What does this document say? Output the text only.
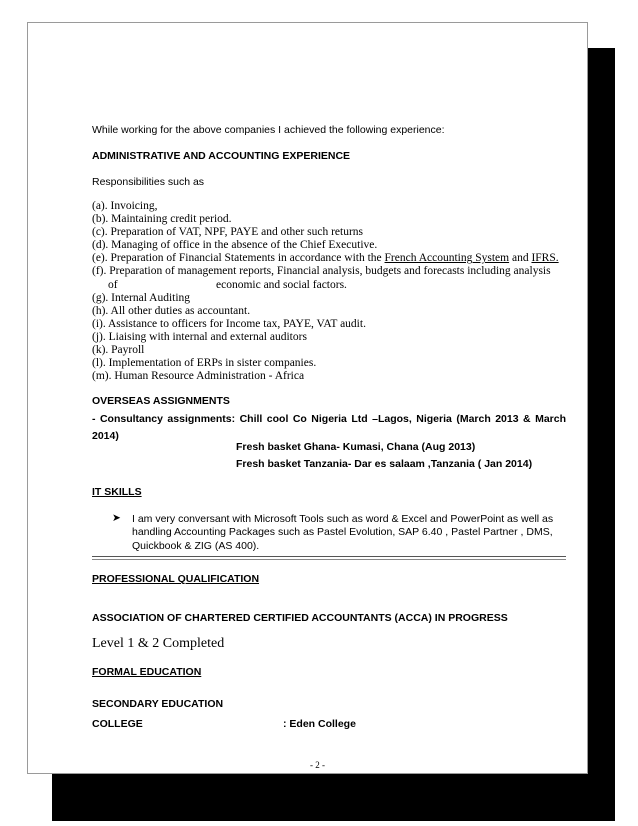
While working for the above companies I achieved the following experience:
ADMINISTRATIVE AND ACCOUNTING EXPERIENCE
Responsibilities such as
(a). Invoicing,
(b). Maintaining credit period.
(c). Preparation of VAT, NPF, PAYE and other such returns
(d). Managing of office in the absence of the Chief Executive.
(e). Preparation of Financial Statements in accordance with the French Accounting System and IFRS.
(f). Preparation of management reports, Financial analysis, budgets and forecasts including analysis
of	economic and social factors.
(g). Internal Auditing
(h). All other duties as accountant.
(i). Assistance to officers for Income tax, PAYE, VAT audit.
(j). Liaising with internal and external auditors
(k). Payroll
(l). Implementation of ERPs in sister companies.
(m). Human Resource Administration - Africa
OVERSEAS ASSIGNMENTS
- Consultancy assignments: Chill cool Co Nigeria Ltd –Lagos, Nigeria (March 2013 & March
2014)
Fresh basket Ghana- Kumasi, Chana (Aug 2013)
Fresh basket Tanzania- Dar es salaam ,Tanzania ( Jan 2014)
IT SKILLS
➤ I am very conversant with Microsoft Tools such as word & Excel and PowerPoint as well as
handling Accounting Packages such as Pastel Evolution, SAP 6.40 , Pastel Partner , DMS,
Quickbook & ZIG (AS 400).
PROFESSIONAL QUALIFICATION
ASSOCIATION OF CHARTERED CERTIFIED ACCOUNTANTS (ACCA) IN PROGRESS
Level 1 & 2 Completed
FORMAL EDUCATION
SECONDARY EDUCATION
COLLEGE	: Eden College
- 2 -
